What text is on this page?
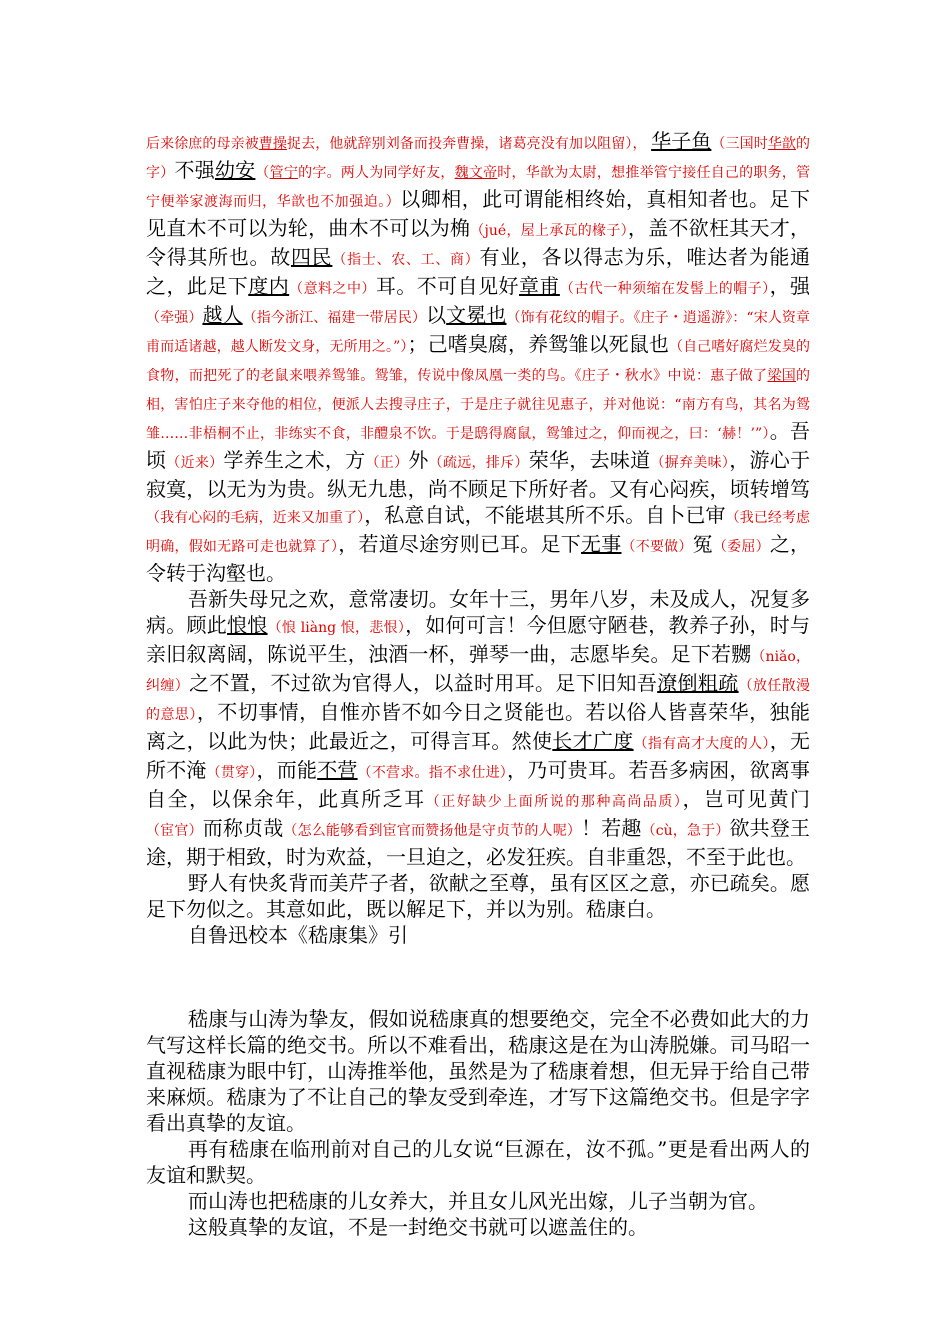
后来徐庶的母亲被曹操捉去，他就辞别刘备而投奔曹操，诸葛亮没有加以阻留）， 华子鱼（三国时华歆的字）不强幼安（管宁的字。两人为同学好友，魏文帝时，华歆为太尉，想推举管宁接任自己的职务，管宁便举家渡海而归，华歆也不加强迫。）以卿相，此可谓能相终始，真相知者也。足下见直木不可以为轮，曲木不可以为桷（jué，屋上承瓦的椽子），盖不欲枉其天才，令得其所也。故四民（指士、农、工、商）有业，各以得志为乐，唯达者为能通之，此足下度内（意料之中）耳。不可自见好章甫（古代一种须缩在发髻上的帽子），强（牵强）越人（指今浙江、福建一带居民）以文冕也（饰有花纹的帽子。《庄子・逍遥游》：“宋人资章甫而适诸越，越人断发文身，无所用之。”）；己嗜臭腐，养鸳雏以死鼠也（自己嗜好腐烂发臭的食物，而把死了的老鼠来喂养鸳雏。鸳雏，传说中像凤凰一类的鸟。《庄子・秋水》中说：惠子做了梁国的相，害怕庄子来夺他的相位，便派人去搜寻庄子，于是庄子就往见惠子，并对他说：“南方有鸟，其名为鸳雏……非梧桐不止，非练实不食，非醴泉不饮。于是鸱得腐鼠，鸳雏过之，仰而视之，曰：‘赫！’”）。吾顷（近来）学养生之术，方（正）外（疏远，排斥）荣华，去味道（摒弃美味），游心于寂寞，以无为为贵。纵无九患，尚不顾足下所好者。又有心闷疾，顷转增笃（我有心闷的毛病，近来又加重了），私意自试，不能堪其所不乐。自卜已审（我已经考虑明确，假如无路可走也就算了），若道尽途穷则已耳。足下无事（不要做）冤（委屈）之，令转于沟壑也。

吾新失母兄之欢，意常凄切。女年十三，男年八岁，未及成人，况复多病。顾此悢悢（悢 liàng 悢，悲恨），如何可言！今但愿守陋巷，教养子孙，时与亲旧叙离阔，陈说平生，浊酒一杯，弹琴一曲，志愿毕矣。足下若嬲（niǎo，纠缠）之不置，不过欲为官得人，以益时用耳。足下旧知吾潦倒粗疏（放任散漫的意思），不切事情，自惟亦皆不如今日之贤能也。若以俗人皆喜荣华，独能离之，以此为快；此最近之，可得言耳。然使长才广度（指有高才大度的人），无所不淹（贯穿），而能不营（不营求。指不求仕进），乃可贵耳。若吾多病困，欲离事自全，以保余年，此真所乏耳（正好缺少上面所说的那种高尚品质），岂可见黄门（宦官）而称贞哉（怎么能够看到宦官而赞扬他是守贞节的人呢）！若趣（cù，急于）欲共登王途，期于相致，时为欢益，一旦迫之，必发狂疾。自非重怨，不至于此也。

野人有快炙背而美芹子者，欲献之至尊，虽有区区之意，亦已疏矣。愿足下勿似之。其意如此，既以解足下，并以为别。嵇康白。

自鲁迅校本《嵇康集》引

嵇康与山涛为挚友，假如说嵇康真的想要绝交，完全不必费如此大的力气写这样长篇的绝交书。所以不难看出，嵇康这是在为山涛脱嫌。司马昭一直视嵇康为眼中钉，山涛推举他，虽然是为了嵇康着想，但无异于给自己带来麻烦。嵇康为了不让自己的挚友受到牵连，才写下这篇绝交书。但是字字看出真挚的友谊。

再有嵇康在临刑前对自己的儿女说“巨源在，汝不孤。”更是看出两人的友谊和默契。

而山涛也把嵇康的儿女养大，并且女儿风光出嫁，儿子当朝为官。

这般真挚的友谊，不是一封绝交书就可以遮盖住的。
